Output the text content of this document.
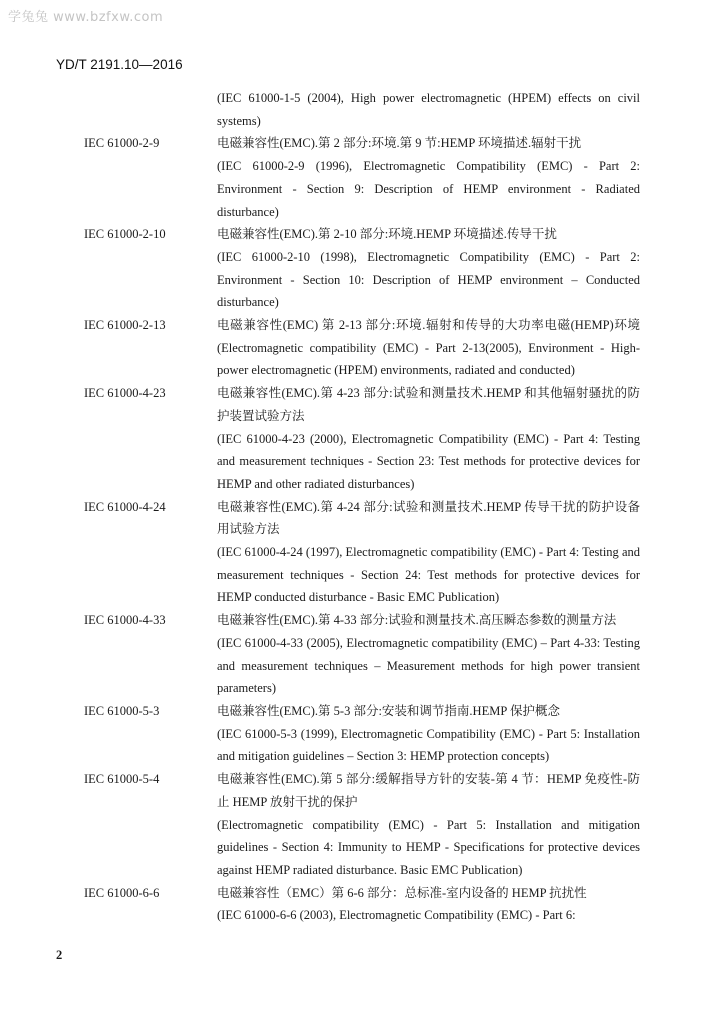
学兔兔 www.bzfxw.com
YD/T 2191.10—2016

(IEC 61000-1-5 (2004), High power electromagnetic (HPEM) effects on civil systems)

IEC 61000-2-9	电磁兼容性(EMC).第 2 部分:环境.第 9 节:HEMP 环境描述.辐射干扰

(IEC 61000-2-9 (1996), Electromagnetic Compatibility (EMC) - Part 2: Environment - Section 9: Description of HEMP environment - Radiated disturbance)

IEC 61000-2-10	电磁兼容性(EMC).第 2-10 部分:环境.HEMP 环境描述.传导干扰

(IEC 61000-2-10 (1998), Electromagnetic Compatibility (EMC) - Part 2: Environment - Section 10: Description of HEMP environment – Conducted disturbance)

IEC 61000-2-13	电磁兼容性(EMC) 第 2-13 部分:环境.辐射和传导的大功率电磁(HEMP)环境(Electromagnetic compatibility (EMC) - Part 2-13(2005), Environment - High-power electromagnetic (HPEM) environments, radiated and conducted)

IEC 61000-4-23	电磁兼容性(EMC).第 4-23 部分:试验和测量技术.HEMP 和其他辐射骚扰的防护装置试验方法

(IEC 61000-4-23 (2000), Electromagnetic Compatibility (EMC) - Part 4: Testing and measurement techniques - Section 23: Test methods for protective devices for HEMP and other radiated disturbances)

IEC 61000-4-24	电磁兼容性(EMC).第 4-24 部分:试验和测量技术.HEMP 传导干扰的防护设备用试验方法

(IEC 61000-4-24 (1997), Electromagnetic compatibility (EMC) - Part 4: Testing and measurement techniques - Section 24: Test methods for protective devices for HEMP conducted disturbance - Basic EMC Publication)

IEC 61000-4-33	电磁兼容性(EMC).第 4-33 部分:试验和测量技术.高压瞬态参数的测量方法

(IEC 61000-4-33 (2005), Electromagnetic compatibility (EMC) – Part 4-33: Testing and measurement techniques – Measurement methods for high power transient parameters)

IEC 61000-5-3	电磁兼容性(EMC).第 5-3 部分:安装和调节指南.HEMP 保护概念

(IEC 61000-5-3 (1999), Electromagnetic Compatibility (EMC) - Part 5: Installation and mitigation guidelines – Section 3: HEMP protection concepts)

IEC 61000-5-4	电磁兼容性(EMC).第 5 部分:缓解指导方针的安装-第 4 节：HEMP 免疫性-防止 HEMP 放射干扰的保护

(Electromagnetic compatibility (EMC) - Part 5: Installation and mitigation guidelines - Section 4: Immunity to HEMP - Specifications for protective devices against HEMP radiated disturbance. Basic EMC Publication)

IEC 61000-6-6	电磁兼容性（EMC）第 6-6 部分：总标准-室内设备的 HEMP 抗扰性

(IEC 61000-6-6 (2003), Electromagnetic Compatibility (EMC) - Part 6:

2
